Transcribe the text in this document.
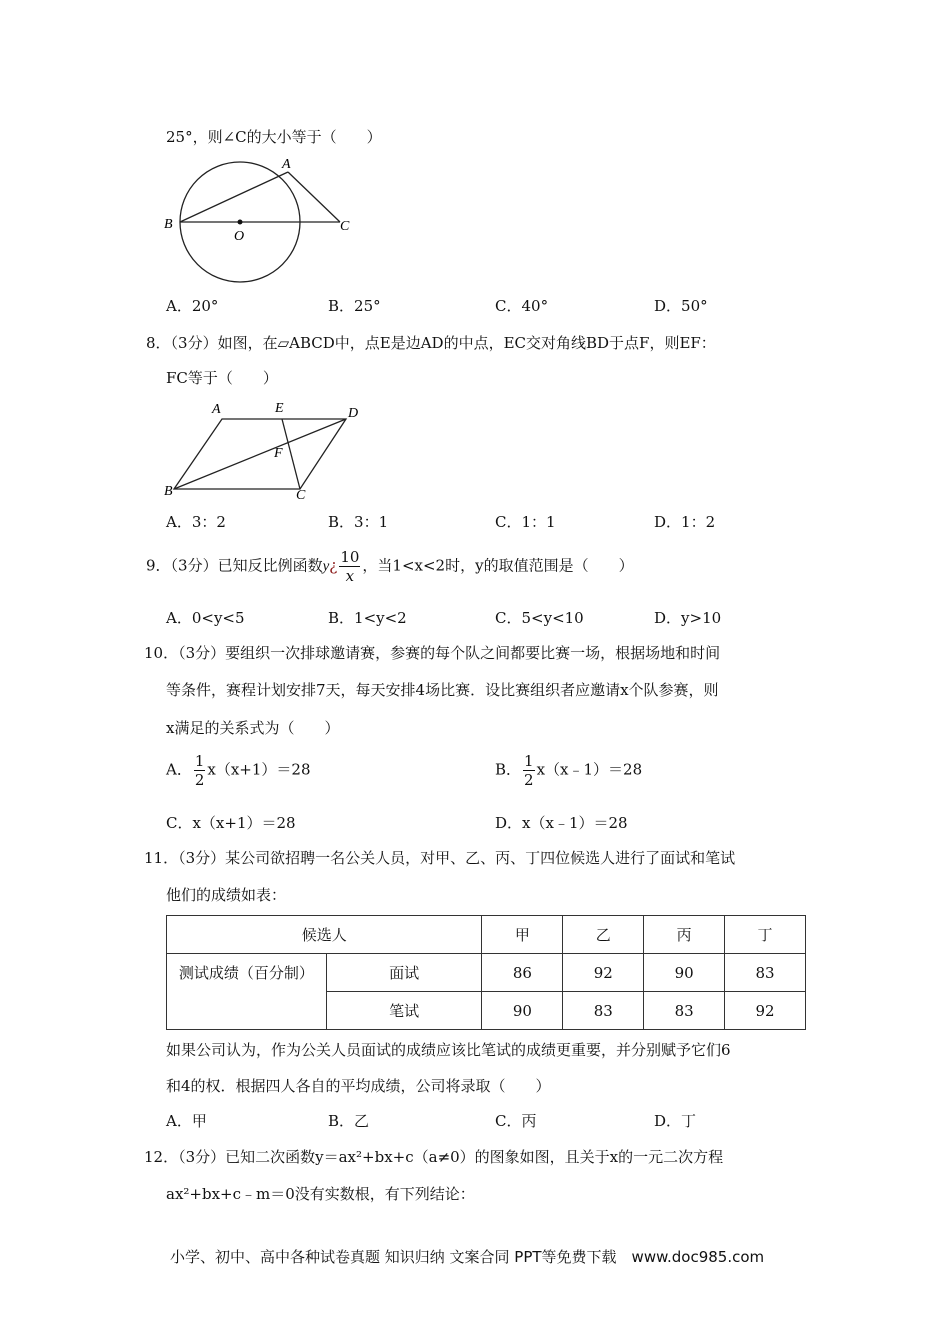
25°，则∠C的大小等于（　　）
A
B	C
O
A．20°	B．25°	C．40°	D．50°
8．（3分）如图，在▱ABCD中，点E是边AD的中点，EC交对角线BD于点F，则EF：
FC等于（　　）
A	E	D
F
B	C
A．3：2	B．3：1	C．1：1	D．1：2
9．（3分）已知反比例函数y¿ $\frac{10}{x}$ ，当1<x<2时，y的取值范围是（　　）
A．0<y<5	B．1<y<2	C．5<y<10	D．y>10
10．（3分）要组织一次排球邀请赛，参赛的每个队之间都要比赛一场，根据场地和时间
等条件，赛程计划安排7天，每天安排4场比赛．设比赛组织者应邀请x个队参赛，则
x满足的关系式为（　　）
A． $\frac{1}{2} x(x+1)=28$	B． $\frac{1}{2}$ x（x﹣1）＝28
C．x（x+1）＝28	D．x（x﹣1）＝28
11．（3分）某公司欲招聘一名公关人员，对甲、乙、丙、丁四位候选人进行了面试和笔试
他们的成绩如表：
候选人		甲	乙	丙	丁
测试成绩（百分制）	面试	86	92	90	83
	笔试	90	83	83	92
如果公司认为，作为公关人员面试的成绩应该比笔试的成绩更重要，并分别赋予它们6
和4的权．根据四人各自的平均成绩，公司将录取（　　）
A．甲	B．乙	C．丙	D．丁
12．（3分）已知二次函数y＝ax²+bx+c（a≠0）的图象如图，且关于x的一元二次方程
ax²+bx+c﹣m＝0没有实数根，有下列结论：
小学、初中、高中各种试卷真题 知识归纳 文案合同 PPT等免费下载　www.doc985.com
